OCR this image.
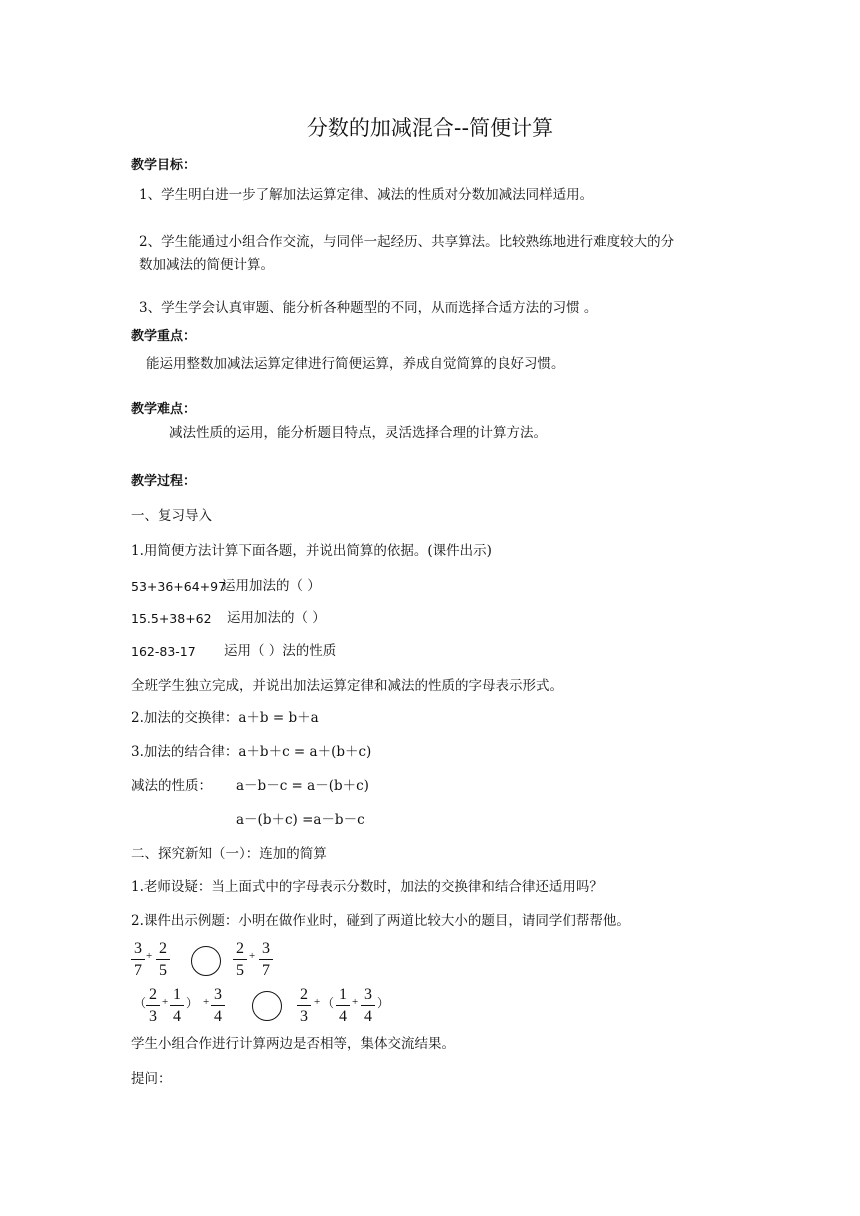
分数的加减混合--简便计算
教学目标：
1、学生明白进一步了解加法运算定律、减法的性质对分数加减法同样适用。
2、学生能通过小组合作交流，与同伴一起经历、共享算法。比较熟练地进行难度较大的分
数加减法的简便计算。
3、学生学会认真审题、能分析各种题型的不同，从而选择合适方法的习惯 。
教学重点：
能运用整数加减法运算定律进行简便运算，养成自觉简算的良好习惯。
教学难点：
减法性质的运用，能分析题目特点，灵活选择合理的计算方法。
教学过程：
一、复习导入
1.用简便方法计算下面各题，并说出简算的依据。(课件出示)
53+36+64+97
运用加法的（ ）
15.5+38+62 运用加法的（ ）
162-83-17 运用（ ）法的性质
全班学生独立完成，并说出加法运算定律和减法的性质的字母表示形式。
2.加法的交换律：a＋b = b＋a
3.加法的结合律：a＋b＋c = a＋(b＋c)
减法的性质： a－b－c = a－(b＋c)
a－(b＋c) =a－b－c
二、探究新知（一）：连加的简算
1.老师设疑：当上面式中的字母表示分数时，加法的交换律和结合律还适用吗？
2.课件出示例题：小明在做作业时，碰到了两道比较大小的题目，请同学们帮帮他。
3
7
+ 2
5
2
5
+ 3
7
（ 2
3
+ 1
4
） + 3
4
2
3
+ （ 1
4
+ 3
4
）
学生小组合作进行计算两边是否相等，集体交流结果。
提问：
